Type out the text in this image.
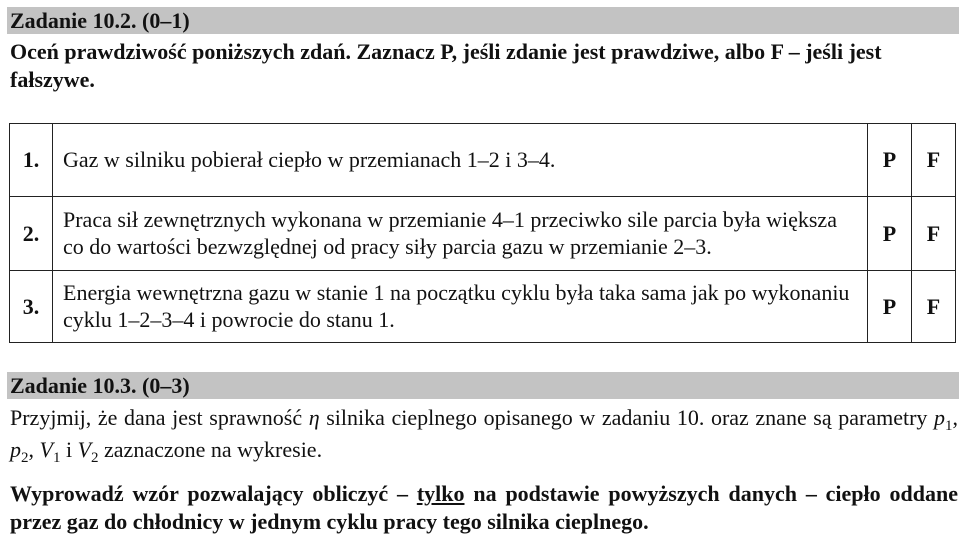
Zadanie 10.2. (0–1)
Oceń prawdziwość poniższych zdań. Zaznacz P, jeśli zdanie jest prawdziwe, albo F – jeśli jest fałszywe.
1.	Gaz w silniku pobierał ciepło w przemianach 1–2 i 3–4.	P	F
2.	Praca sił zewnętrznych wykonana w przemianie 4–1 przeciwko sile parcia była większa co do wartości bezwzględnej od pracy siły parcia gazu w przemianie 2–3.	P	F
3.	Energia wewnętrzna gazu w stanie 1 na początku cyklu była taka sama jak po wykonaniu cyklu 1–2–3–4 i powrocie do stanu 1.	P	F
Zadanie 10.3. (0–3)
Przyjmij, że dana jest sprawność η silnika cieplnego opisanego w zadaniu 10. oraz znane są parametry $p_1$, $p_2$, $V_1$ i $V_2$ zaznaczone na wykresie.
Wyprowadź wzór pozwalający obliczyć – tylko na podstawie powyższych danych – ciepło oddane przez gaz do chłodnicy w jednym cyklu pracy tego silnika cieplnego.
